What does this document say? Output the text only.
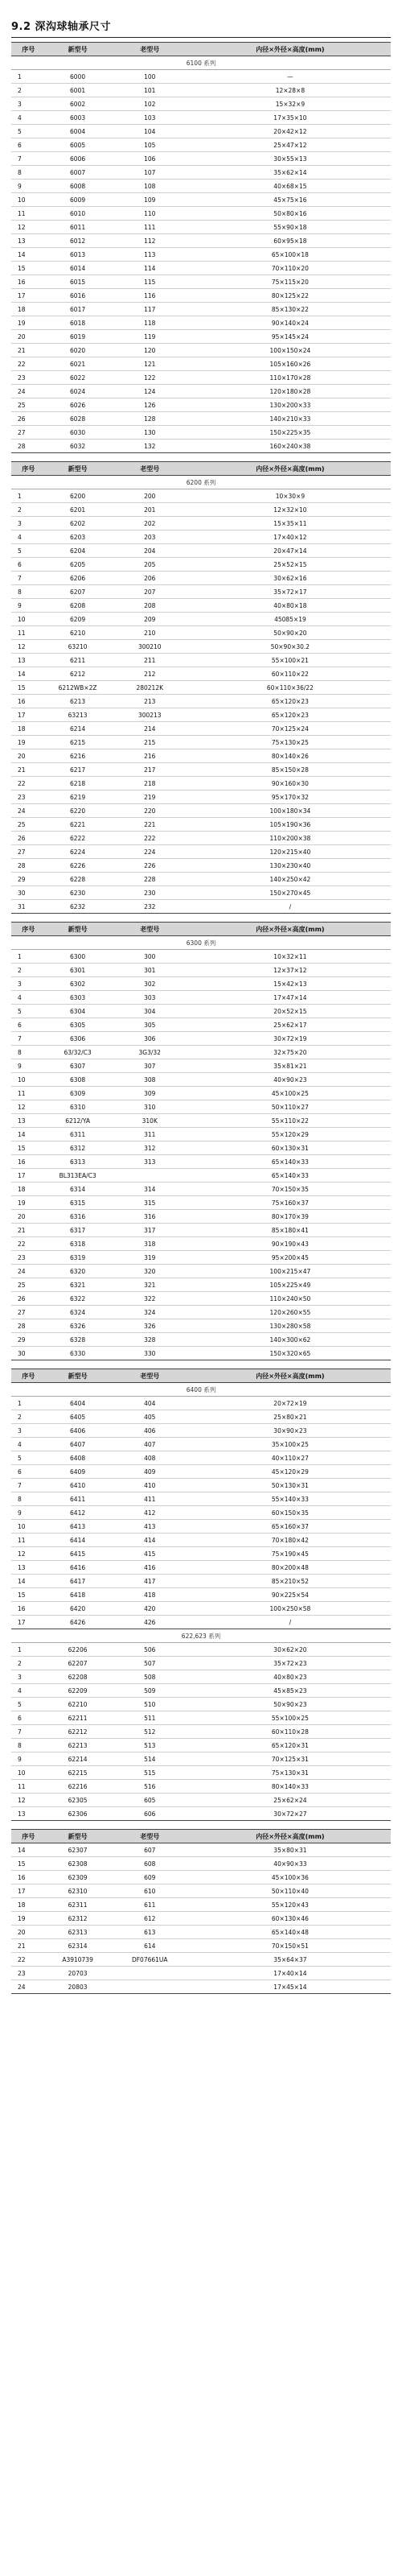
9.2 深沟球轴承尺寸
序号	新型号	老型号	内径×外径×高度(mm)
6100 系列			
1	6000	100	—
2	6001	101	12×28×8
3	6002	102	15×32×9
4	6003	103	17×35×10
5	6004	104	20×42×12
6	6005	105	25×47×12
7	6006	106	30×55×13
8	6007	107	35×62×14
9	6008	108	40×68×15
10	6009	109	45×75×16
11	6010	110	50×80×16
12	6011	111	55×90×18
13	6012	112	60×95×18
14	6013	113	65×100×18
15	6014	114	70×110×20
16	6015	115	75×115×20
17	6016	116	80×125×22
18	6017	117	85×130×22
19	6018	118	90×140×24
20	6019	119	95×145×24
21	6020	120	100×150×24
22	6021	121	105×160×26
23	6022	122	110×170×28
24	6024	124	120×180×28
25	6026	126	130×200×33
26	6028	128	140×210×33
27	6030	130	150×225×35
28	6032	132	160×240×38
序号	新型号	老型号	内径×外径×高度(mm)
6200 系列			
1	6200	200	10×30×9
2	6201	201	12×32×10
3	6202	202	15×35×11
4	6203	203	17×40×12
5	6204	204	20×47×14
6	6205	205	25×52×15
7	6206	206	30×62×16
8	6207	207	35×72×17
9	6208	208	40×80×18
10	6209	209	45085×19
11	6210	210	50×90×20
12	63210	300210	50×90×30.2
13	6211	211	55×100×21
14	6212	212	60×110×22
15	6212WB×2Z	280212K	60×110×36/22
16	6213	213	65×120×23
17	63213	300213	65×120×23
18	6214	214	70×125×24
19	6215	215	75×130×25
20	6216	216	80×140×26
21	6217	217	85×150×28
22	6218	218	90×160×30
23	6219	219	95×170×32
24	6220	220	100×180×34
25	6221	221	105×190×36
26	6222	222	110×200×38
27	6224	224	120×215×40
28	6226	226	130×230×40
29	6228	228	140×250×42
30	6230	230	150×270×45
31	6232	232	/
序号	新型号	老型号	内径×外径×高度(mm)
6300 系列			
1	6300	300	10×32×11
2	6301	301	12×37×12
3	6302	302	15×42×13
4	6303	303	17×47×14
5	6304	304	20×52×15
6	6305	305	25×62×17
7	6306	306	30×72×19
8	63/32/C3	3G3/32	32×75×20
9	6307	307	35×81×21
10	6308	308	40×90×23
11	6309	309	45×100×25
12	6310	310	50×110×27
13	6212/YA	310K	55×110×22
14	6311	311	55×120×29
15	6312	312	60×130×31
16	6313	313	65×140×33
17	BL313EA/C3		65×140×33
18	6314	314	70×150×35
19	6315	315	75×160×37
20	6316	316	80×170×39
21	6317	317	85×180×41
22	6318	318	90×190×43
23	6319	319	95×200×45
24	6320	320	100×215×47
25	6321	321	105×225×49
26	6322	322	110×240×50
27	6324	324	120×260×55
28	6326	326	130×280×58
29	6328	328	140×300×62
30	6330	330	150×320×65
序号	新型号	老型号	内径×外径×高度(mm)
6400 系列			
1	6404	404	20×72×19
2	6405	405	25×80×21
3	6406	406	30×90×23
4	6407	407	35×100×25
5	6408	408	40×110×27
6	6409	409	45×120×29
7	6410	410	50×130×31
8	6411	411	55×140×33
9	6412	412	60×150×35
10	6413	413	65×160×37
11	6414	414	70×180×42
12	6415	415	75×190×45
13	6416	416	80×200×48
14	6417	417	85×210×52
15	6418	418	90×225×54
16	6420	420	100×250×58
17	6426	426	/
622,623 系列			
1	62206	506	30×62×20
2	62207	507	35×72×23
3	62208	508	40×80×23
4	62209	509	45×85×23
5	62210	510	50×90×23
6	62211	511	55×100×25
7	62212	512	60×110×28
8	62213	513	65×120×31
9	62214	514	70×125×31
10	62215	515	75×130×31
11	62216	516	80×140×33
12	62305	605	25×62×24
13	62306	606	30×72×27
序号	新型号	老型号	内径×外径×高度(mm)
14	62307	607	35×80×31
15	62308	608	40×90×33
16	62309	609	45×100×36
17	62310	610	50×110×40
18	62311	611	55×120×43
19	62312	612	60×130×46
20	62313	613	65×140×48
21	62314	614	70×150×51
22	A3910739	DF07661UA	35×64×37
23	20703		17×40×14
24	20803		17×45×14
